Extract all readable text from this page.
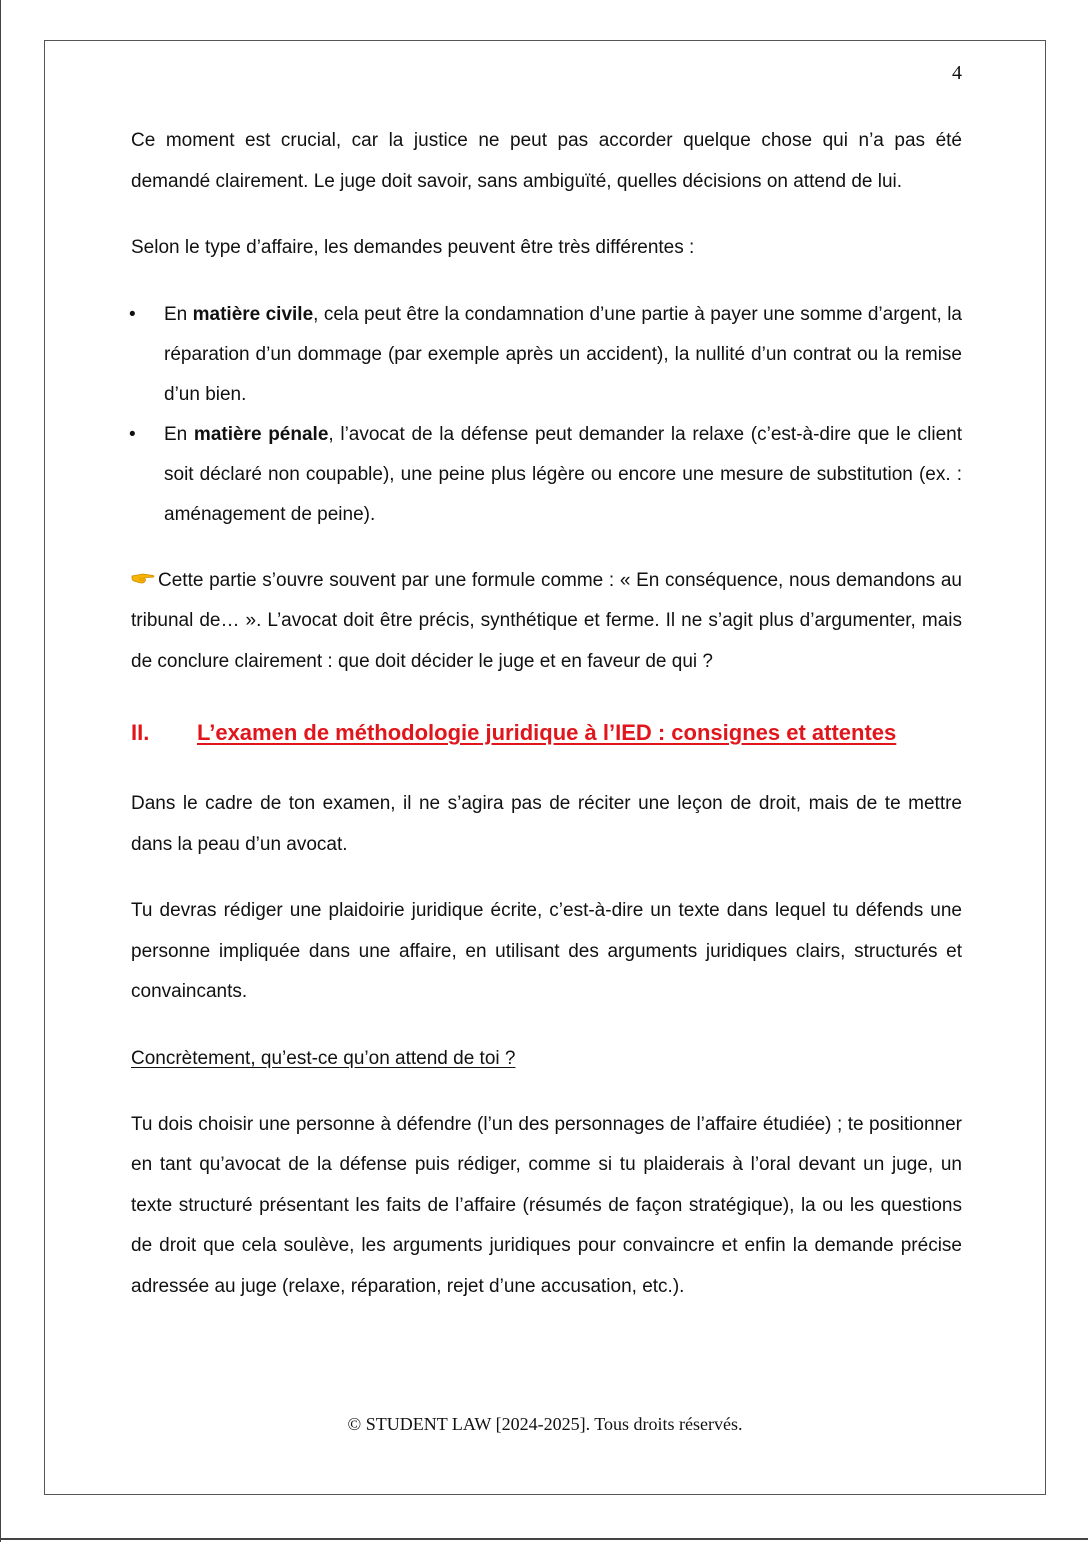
4

Ce moment est crucial, car la justice ne peut pas accorder quelque chose qui n’a pas été demandé clairement. Le juge doit savoir, sans ambiguïté, quelles décisions on attend de lui.

Selon le type d’affaire, les demandes peuvent être très différentes :

• En matière civile, cela peut être la condamnation d’une partie à payer une somme d’argent, la réparation d’un dommage (par exemple après un accident), la nullité d’un contrat ou la remise d’un bien.
• En matière pénale, l’avocat de la défense peut demander la relaxe (c’est-à-dire que le client soit déclaré non coupable), une peine plus légère ou encore une mesure de substitution (ex. : aménagement de peine).

Cette partie s’ouvre souvent par une formule comme : « En conséquence, nous demandons au tribunal de… ». L’avocat doit être précis, synthétique et ferme. Il ne s’agit plus d’argumenter, mais de conclure clairement : que doit décider le juge et en faveur de qui ?

II.	L’examen de méthodologie juridique à l’IED : consignes et attentes

Dans le cadre de ton examen, il ne s’agira pas de réciter une leçon de droit, mais de te mettre dans la peau d’un avocat.

Tu devras rédiger une plaidoirie juridique écrite, c’est-à-dire un texte dans lequel tu défends une personne impliquée dans une affaire, en utilisant des arguments juridiques clairs, structurés et convaincants.

Concrètement, qu’est-ce qu’on attend de toi ?

Tu dois choisir une personne à défendre (l’un des personnages de l’affaire étudiée) ; te positionner en tant qu’avocat de la défense puis rédiger, comme si tu plaiderais à l’oral devant un juge, un texte structuré présentant les faits de l’affaire (résumés de façon stratégique), la ou les questions de droit que cela soulève, les arguments juridiques pour convaincre et enfin la demande précise adressée au juge (relaxe, réparation, rejet d’une accusation, etc.).

© STUDENT LAW [2024-2025]. Tous droits réservés.
